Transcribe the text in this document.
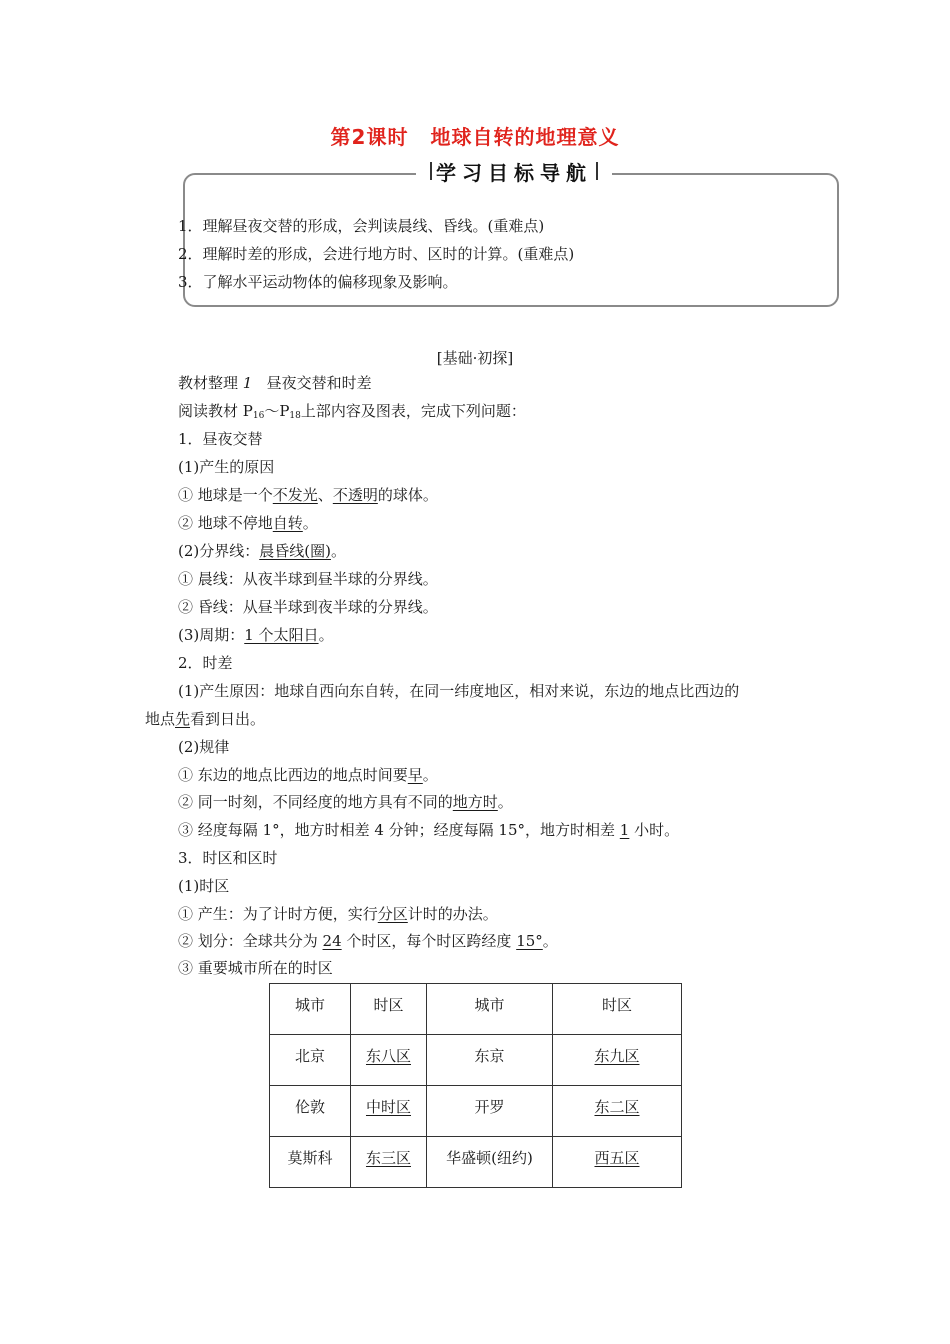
第2课时 地球自转的地理意义
学习目标导航
1．理解昼夜交替的形成，会判读晨线、昏线。(重难点)
2．理解时差的形成，会进行地方时、区时的计算。(重难点)
3．了解水平运动物体的偏移现象及影响。
[基础·初探]
教材整理 1 昼夜交替和时差
阅读教材 $P_{16}\sim P_{18}$上部内容及图表，完成下列问题：
1．昼夜交替
(1)产生的原因
① 地球是一个不发光、不透明的球体。
② 地球不停地自转。
(2)分界线：晨昏线(圈)。
① 晨线：从夜半球到昼半球的分界线。
② 昏线：从昼半球到夜半球的分界线。
(3)周期：1 个太阳日。
2．时差
(1)产生原因：地球自西向东自转，在同一纬度地区，相对来说，东边的地点比西边的
地点先看到日出。
(2)规律
① 东边的地点比西边的地点时间要早。
② 同一时刻，不同经度的地方具有不同的地方时。
③ 经度每隔 1°，地方时相差 4 分钟；经度每隔 15°，地方时相差 1 小时。
3．时区和区时
(1)时区
① 产生：为了计时方便，实行分区计时的办法。
② 划分：全球共分为 24 个时区，每个时区跨经度 15°。
③ 重要城市所在的时区
城市	时区	城市	时区
北京	东八区	东京	东九区
伦敦	中时区	开罗	东二区
莫斯科	东三区	华盛顿(纽约)	西五区
